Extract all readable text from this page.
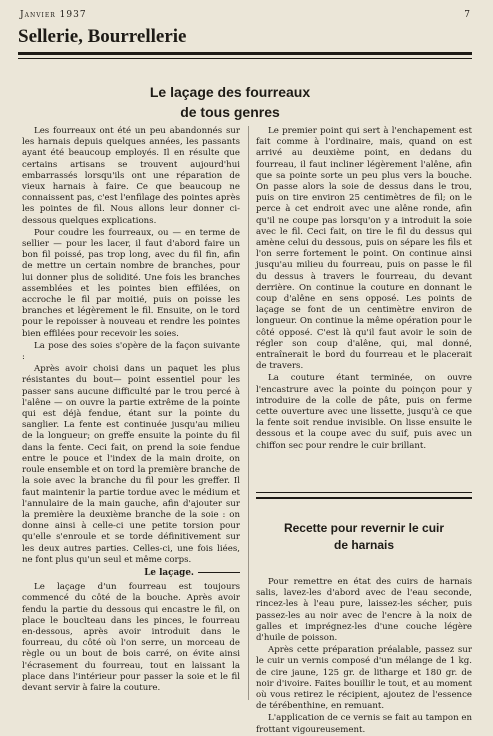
Janvier 1937	7
Sellerie, Bourrellerie
Le laçage des fourreaux
de tous genres

Les fourreaux ont été un peu abandonnés sur les harnais depuis quelques années, les passants ayant été beaucoup employés. Il en résulte que certains artisans se trouvent aujourd'hui embarrassés lorsqu'ils ont une réparation de vieux harnais à faire. Ce que beaucoup ne connaissent pas, c'est l'enfilage des pointes après les pointes de fil. Nous allons leur donner ci-dessous quelques explications.

Pour coudre les fourreaux, ou — en terme de sellier — pour les lacer, il faut d'abord faire un bon fil poissé, pas trop long, avec du fil fin, afin de mettre un certain nombre de branches, pour lui donner plus de solidité. Une fois les branches assemblées et les pointes bien effilées, on accroche le fil par moitié, puis on poisse les branches et légèrement le fil. Ensuite, on le tord pour le repoisser à nouveau et rendre les pointes bien effilées pour recevoir les soies.

La pose des soies s'opère de la façon suivante :

Après avoir choisi dans un paquet les plus résistantes du bout— point essentiel pour les passer sans aucune difficulté par le trou percé à l'alêne — on ouvre la partie extrême de la pointe qui est déjà fendue, étant sur la pointe du sanglier. La fente est continuée jusqu'au milieu de la longueur; on greffe ensuite la pointe du fil dans la fente. Ceci fait, on prend la soie fendue entre le pouce et l'index de la main droite, on roule ensemble et on tord la première branche de la soie avec la branche du fil pour les greffer. Il faut maintenir la partie tordue avec le médium et l'annulaire de la main gauche, afin d'ajouter sur la première la deuxième branche de la soie : on donne ainsi à celle-ci une petite torsion pour qu'elle s'enroule et se torde définitivement sur les deux autres parties. Celles-ci, une fois liées, ne font plus qu'un seul et même corps.

Le laçage.

Le laçage d'un fourreau est toujours commencé du côté de la bouche. Après avoir fendu la partie du dessous qui encastre le fil, on place le bouclteau dans les pinces, le fourreau en-dessous, après avoir introduit dans le fourreau, du côté où l'on serre, un morceau de règle ou un bout de bois carré, on évite ainsi l'écrasement du fourreau, tout en laissant la place dans l'intérieur pour passer la soie et le fil devant servir à faire la couture.

Le premier point qui sert à l'enchapement est fait comme à l'ordinaire, mais, quand on est arrivé au deuxième point, en dedans du fourreau, il faut incliner légèrement l'alêne, afin que sa pointe sorte un peu plus vers la bouche. On passe alors la soie de dessus dans le trou, puis on tire environ 25 centimètres de fil; on le perce à cet endroit avec une alêne ronde, afin qu'il ne coupe pas lorsqu'on y a introduit la soie avec le fil. Ceci fait, on tire le fil du dessus qui amène celui du dessous, puis on sépare les fils et l'on serre fortement le point. On continue ainsi jusqu'au milieu du fourreau, puis on passe le fil du dessus à travers le fourreau, du devant derrière. On continue la couture en donnant le coup d'alêne en sens opposé. Les points de laçage se font de un centimètre environ de longueur. On continue la même opération pour le côté opposé. C'est là qu'il faut avoir le soin de régler son coup d'alêne, qui, mal donné, entraînerait le bord du fourreau et le placerait de travers.

La couture étant terminée, on ouvre l'encastrure avec la pointe du poinçon pour y introduire de la colle de pâte, puis on ferme cette ouverture avec une lissette, jusqu'à ce que la fente soit rendue invisible. On lisse ensuite le dessous et la coupe avec du suif, puis avec un chiffon sec pour rendre le cuir brillant.

Recette pour revernir le cuir
de harnais

Pour remettre en état des cuirs de harnais salis, lavez-les d'abord avec de l'eau seconde, rincez-les à l'eau pure, laissez-les sécher, puis passez-les au noir avec de l'encre à la noix de galles et imprégnez-les d'une couche légère d'huile de poisson.

Après cette préparation préalable, passez sur le cuir un vernis composé d'un mélange de 1 kg. de cire jaune, 125 gr. de litharge et 180 gr. de noir d'ivoire. Faites bouillir le tout, et au moment où vous retirez le récipient, ajoutez de l'essence de térébenthine, en remuant.

L'application de ce vernis se fait au tampon en frottant vigoureusement.
